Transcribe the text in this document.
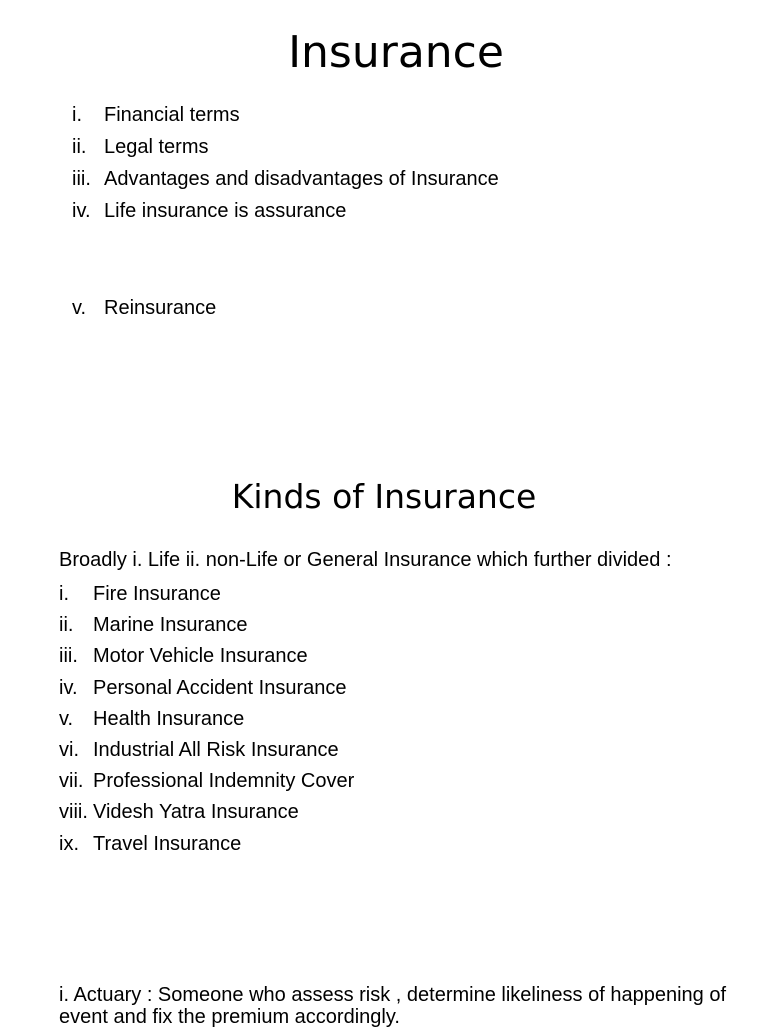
Insurance
i. Financial terms
ii. Legal terms
iii. Advantages and disadvantages of Insurance
iv. Life insurance is assurance
v. Reinsurance
Kinds of Insurance

Broadly i. Life ii. non-Life or General Insurance which further divided :

i. Fire Insurance
ii. Marine Insurance
iii. Motor Vehicle Insurance
iv. Personal Accident Insurance
v. Health Insurance
vi. Industrial All Risk Insurance
vii. Professional Indemnity Cover
viii. Videsh Yatra Insurance
ix. Travel Insurance

i. Actuary : Someone who assess risk , determine likeliness of happening of event and fix the premium accordingly.
